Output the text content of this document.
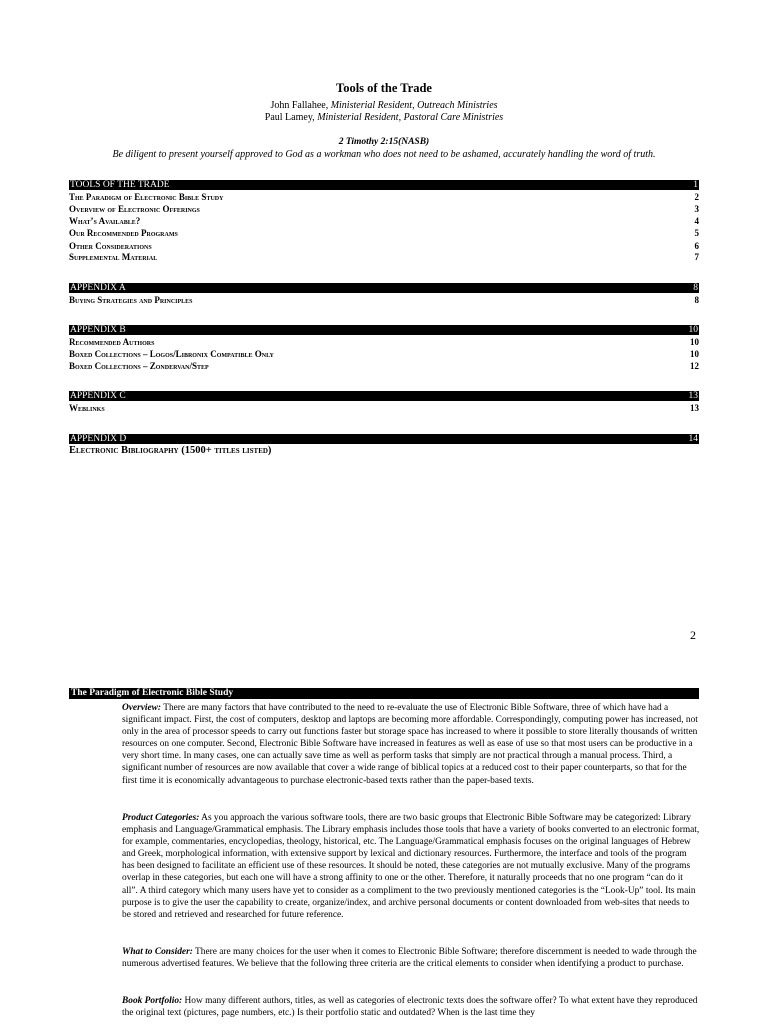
Tools of the Trade
John Fallahee, Ministerial Resident, Outreach Ministries
Paul Lamey, Ministerial Resident, Pastoral Care Ministries
2 Timothy 2:15(NASB)
Be diligent to present yourself approved to God as a workman who does not need to be ashamed, accurately handling the word of truth.
TOOLS OF THE TRADE	1
The Paradigm of Electronic Bible Study	2
Overview of Electronic Offerings	3
What’s Available?	4
Our Recommended Programs	5
Other Considerations	6
Supplemental Material	7
APPENDIX A	8
Buying Strategies and Principles	8
APPENDIX B	10
Recommended Authors	10
Boxed Collections – Logos/Libronix Compatible Only	10
Boxed Collections – Zondervan/Step	12
APPENDIX C	13
Weblinks	13
APPENDIX D	14
Electronic Bibliography (1500+ titles listed)
2
The Paradigm of Electronic Bible Study
Overview: There are many factors that have contributed to the need to re-evaluate the use of Electronic Bible Software, three of which have had a significant impact. First, the cost of computers, desktop and laptops are becoming more affordable. Correspondingly, computing power has increased, not only in the area of processor speeds to carry out functions faster but storage space has increased to where it possible to store literally thousands of written resources on one computer. Second, Electronic Bible Software have increased in features as well as ease of use so that most users can be productive in a very short time. In many cases, one can actually save time as well as perform tasks that simply are not practical through a manual process. Third, a significant number of resources are now available that cover a wide range of biblical topics at a reduced cost to their paper counterparts, so that for the first time it is economically advantageous to purchase electronic-based texts rather than the paper-based texts.
Product Categories: As you approach the various software tools, there are two basic groups that Electronic Bible Software may be categorized: Library emphasis and Language/Grammatical emphasis. The Library emphasis includes those tools that have a variety of books converted to an electronic format, for example, commentaries, encyclopedias, theology, historical, etc. The Language/Grammatical emphasis focuses on the original languages of Hebrew and Greek, morphological information, with extensive support by lexical and dictionary resources. Furthermore, the interface and tools of the program has been designed to facilitate an efficient use of these resources. It should be noted, these categories are not mutually exclusive. Many of the programs overlap in these categories, but each one will have a strong affinity to one or the other. Therefore, it naturally proceeds that no one program “can do it all”. A third category which many users have yet to consider as a compliment to the two previously mentioned categories is the “Look-Up” tool. Its main purpose is to give the user the capability to create, organize/index, and archive personal documents or content downloaded from web-sites that needs to be stored and retrieved and researched for future reference.
What to Consider: There are many choices for the user when it comes to Electronic Bible Software; therefore discernment is needed to wade through the numerous advertised features. We believe that the following three criteria are the critical elements to consider when identifying a product to purchase.
Book Portfolio: How many different authors, titles, as well as categories of electronic texts does the software offer? To what extent have they reproduced the original text (pictures, page numbers, etc.) Is their portfolio static and outdated? When is the last time they
